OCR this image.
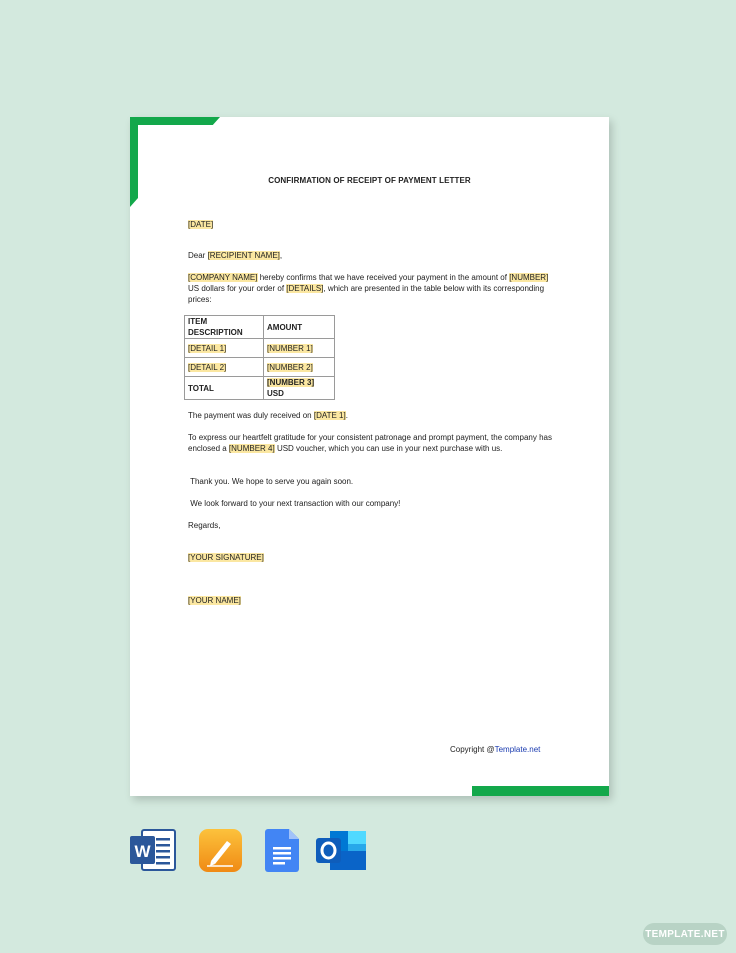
CONFIRMATION OF RECEIPT OF PAYMENT LETTER

[DATE]

Dear [RECIPIENT NAME],

[COMPANY NAME] hereby confirms that we have received your payment in the amount of [NUMBER] US dollars for your order of [DETAILS], which are presented in the table below with its corresponding prices:

ITEM DESCRIPTION	AMOUNT
[DETAIL 1]	[NUMBER 1]
[DETAIL 2]	[NUMBER 2]
TOTAL	[NUMBER 3] USD

The payment was duly received on [DATE 1].

To express our heartfelt gratitude for your consistent patronage and prompt payment, the company has enclosed a [NUMBER 4] USD voucher, which you can use in your next purchase with us.

Thank you. We hope to serve you again soon.

We look forward to your next transaction with our company!

Regards,

[YOUR SIGNATURE]

[YOUR NAME]

Copyright @Template.net
W
TEMPLATE.NET
